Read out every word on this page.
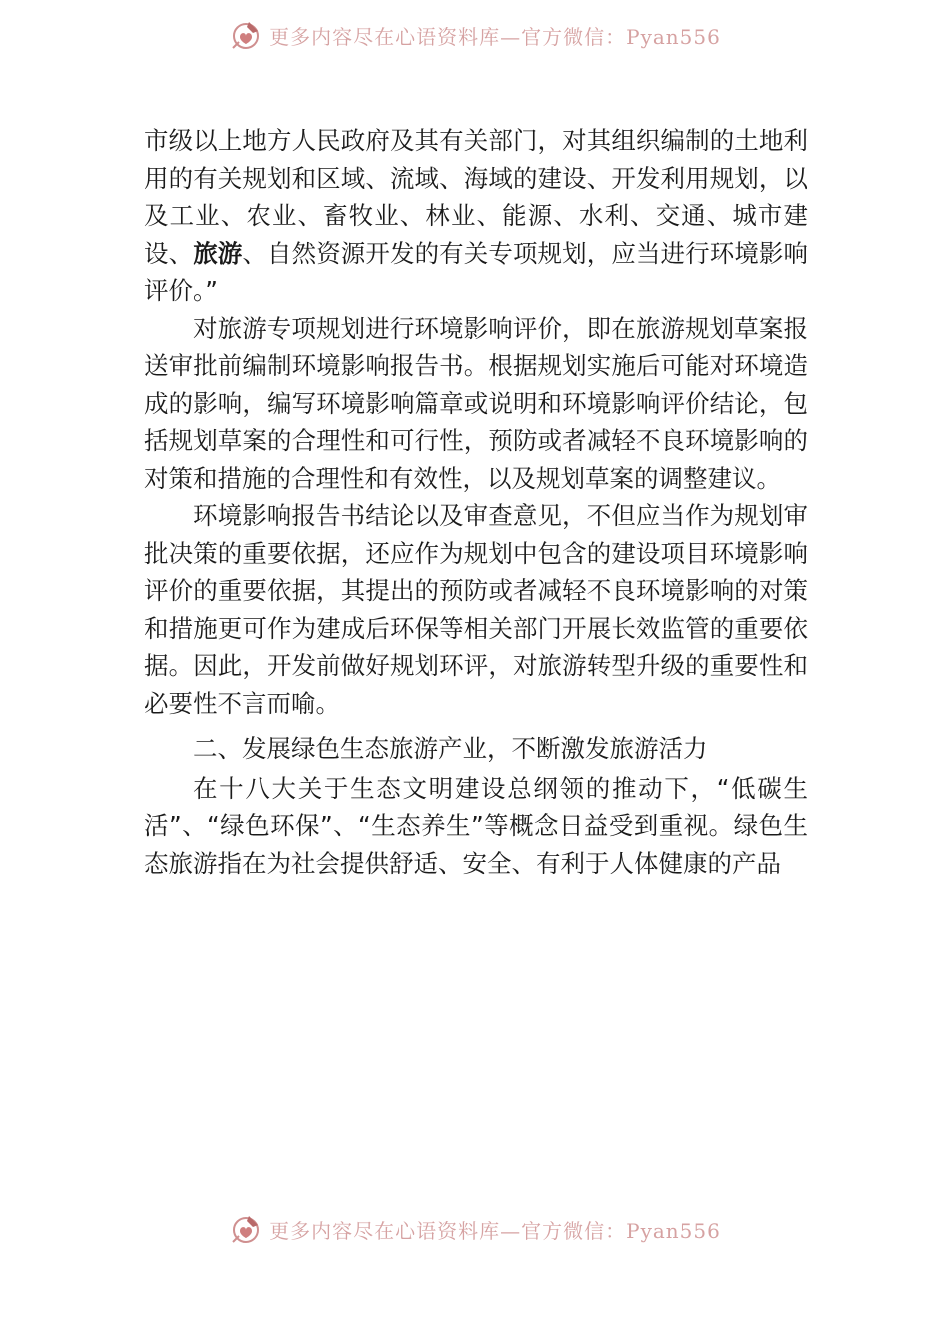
更多内容尽在心语资料库—官方微信：Pyan556

市级以上地方人民政府及其有关部门，对其组织编制的土地利用的有关规划和区域、流域、海域的建设、开发利用规划，以及工业、农业、畜牧业、林业、能源、水利、交通、城市建设、旅游、自然资源开发的有关专项规划，应当进行环境影响评价。”

对旅游专项规划进行环境影响评价，即在旅游规划草案报送审批前编制环境影响报告书。根据规划实施后可能对环境造成的影响，编写环境影响篇章或说明和环境影响评价结论，包括规划草案的合理性和可行性，预防或者减轻不良环境影响的对策和措施的合理性和有效性，以及规划草案的调整建议。

环境影响报告书结论以及审查意见，不但应当作为规划审批决策的重要依据，还应作为规划中包含的建设项目环境影响评价的重要依据，其提出的预防或者减轻不良环境影响的对策和措施更可作为建成后环保等相关部门开展长效监管的重要依据。因此，开发前做好规划环评，对旅游转型升级的重要性和必要性不言而喻。

二、发展绿色生态旅游产业，不断激发旅游活力

在十八大关于生态文明建设总纲领的推动下，“低碳生活”、“绿色环保”、“生态养生”等概念日益受到重视。绿色生态旅游指在为社会提供舒适、安全、有利于人体健康的产品

更多内容尽在心语资料库—官方微信：Pyan556
